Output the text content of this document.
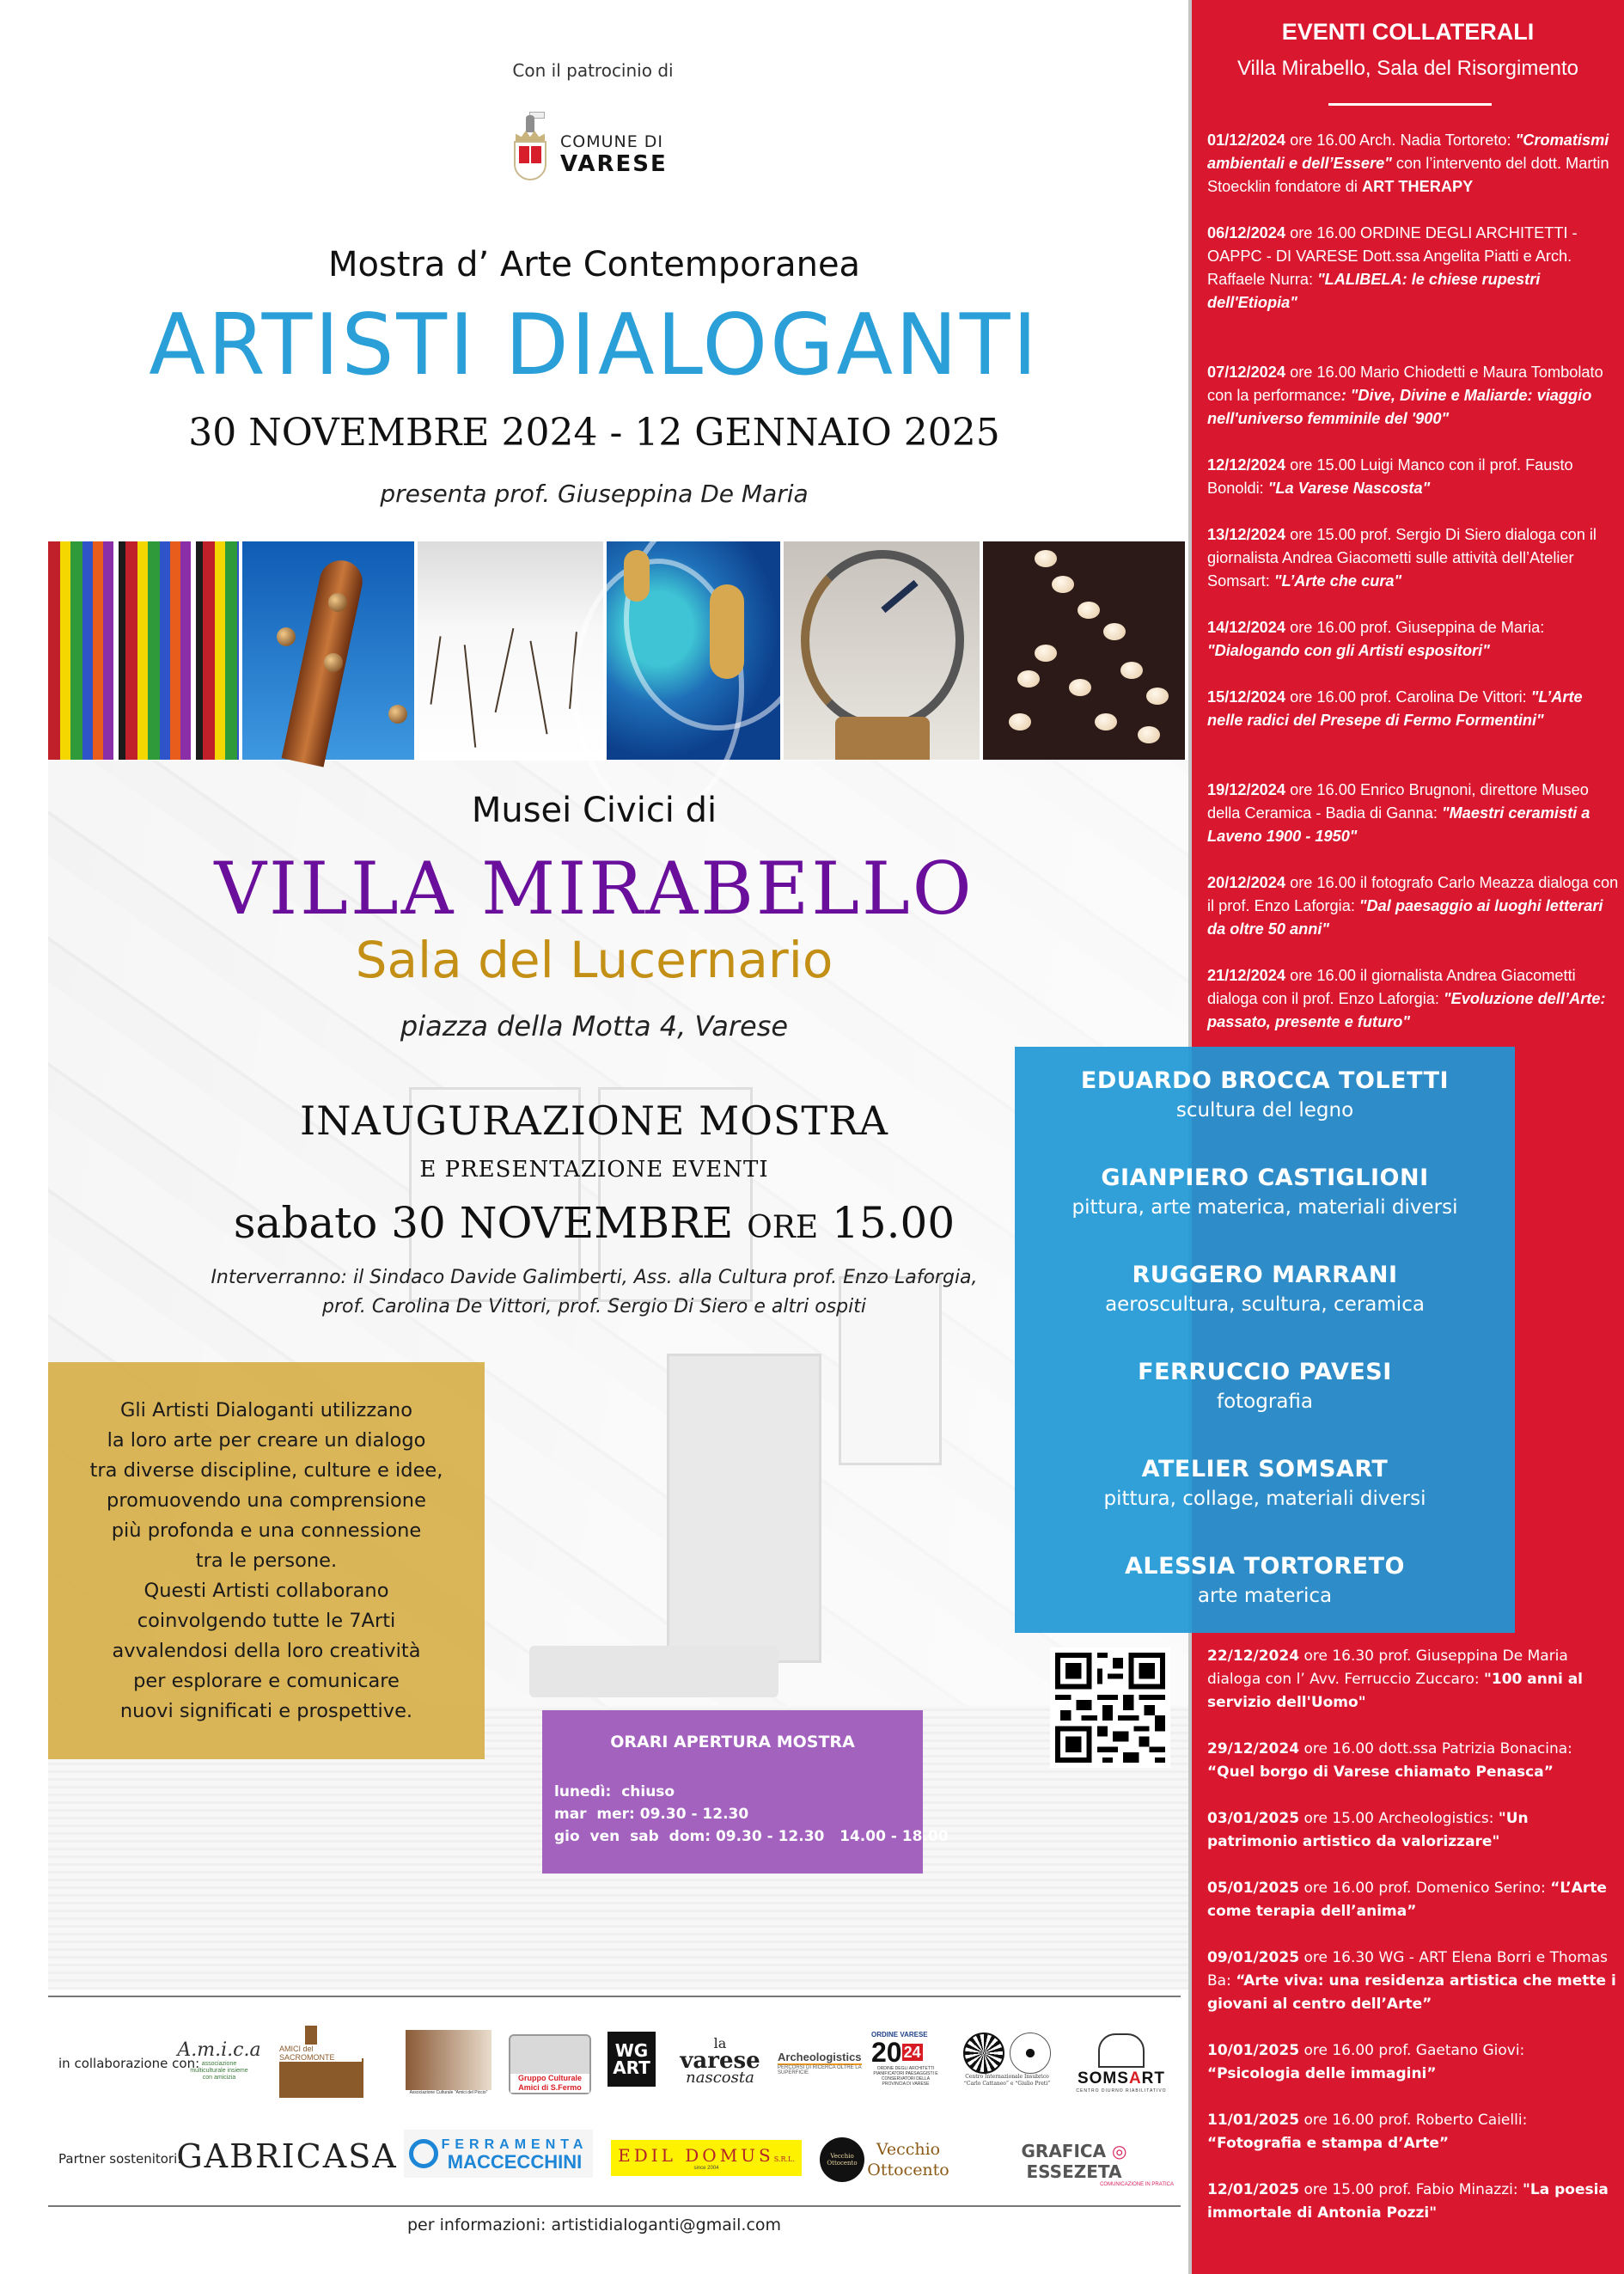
Con il patrocinio di
COMUNE DI
VARESE
Mostra d’ Arte Contemporanea
ARTISTI DIALOGANTI
30 NOVEMBRE 2024 - 12 GENNAIO 2025
presenta prof. Giuseppina De Maria
Musei Civici di
VILLA MIRABELLO
Sala del Lucernario
piazza della Motta 4, Varese
INAUGURAZIONE MOSTRA
E PRESENTAZIONE EVENTI
sabato 30 NOVEMBRE ORE 15.00
Interverranno: il Sindaco Davide Galimberti, Ass. alla Cultura prof. Enzo Laforgia,
prof. Carolina De Vittori, prof. Sergio Di Siero e altri ospiti

Gli Artisti Dialoganti utilizzano
la loro arte per creare un dialogo
tra diverse discipline, culture e idee,
promuovendo una comprensione
più profonda e una connessione
tra le persone.
Questi Artisti collaborano
coinvolgendo tutte le 7Arti
avvalendosi della loro creatività
per esplorare e comunicare
nuovi significati e prospettive.

ORARI APERTURA MOSTRA
lunedì:  chiuso
mar  mer: 09.30 - 12.30
gio  ven  sab  dom: 09.30 - 12.30   14.00 - 18.00
in collaborazione con:
A.m.i.c.a
associazione multiculturale insieme con amicizia
AMICI del SACROMONTE
Associazione Culturale "Amici del Piccio"
Gruppo Culturale Amici di S.Fermo
WG
ART
la
varese
nascosta
Archeologistics
PERCORSI DI RICERCA OLTRE LA SUPERFICIE
ORDINE VARESE
20 $^{24}$
ORDINE DEGLI ARCHITETTI PIANIFICATORI PAESAGGISTI E CONSERVATORI DELLA PROVINCIA DI VARESE
Centro Internazionale Insubrico
“Carlo Cattaneo” e “Giulio Preti” SOMSART
CENTRO DIURNO RIABILITATIVO
Partner sostenitori:
GABRICASA	FERRAMENTA
MACCECCHINI	EDIL DOMUSS.R.L.
since 2004
Vecchio Ottocento
Vecchio
Ottocento
GRAFICA ◎ ESSEZETA
COMUNICAZIONE IN PRATICA
per informazioni: artistidialoganti@gmail.com
EVENTI COLLATERALI
Villa Mirabello, Sala del Risorgimento
01/12/2024 ore 16.00 Arch. Nadia Tortoreto: "Cromatismi ambientali e dell’Essere" con l’intervento del dott. Martin Stoecklin fondatore di ART THERAPY
06/12/2024 ore 16.00 ORDINE DEGLI ARCHITETTI - OAPPC - DI VARESE Dott.ssa Angelita Piatti e Arch. Raffaele Nurra: "LALIBELA: le chiese rupestri dell'Etiopia"
07/12/2024 ore 16.00 Mario Chiodetti e Maura Tombolato con la performance: "Dive, Divine e Maliarde: viaggio nell'universo femminile del '900"
12/12/2024 ore 15.00 Luigi Manco con il prof. Fausto Bonoldi: "La Varese Nascosta"
13/12/2024 ore 15.00 prof. Sergio Di Siero dialoga con il giornalista Andrea Giacometti sulle attività dell’Atelier Somsart: "L’Arte che cura"
14/12/2024 ore 16.00 prof. Giuseppina de Maria: "Dialogando con gli Artisti espositori"
15/12/2024 ore 16.00 prof. Carolina De Vittori: "L’Arte nelle radici del Presepe di Fermo Formentini"
19/12/2024 ore 16.00 Enrico Brugnoni, direttore Museo della Ceramica - Badia di Ganna: "Maestri ceramisti a Laveno 1900 - 1950"
20/12/2024 ore 16.00 il fotografo Carlo Meazza dialoga con il prof. Enzo Laforgia: "Dal paesaggio ai luoghi letterari da oltre 50 anni"
21/12/2024 ore 16.00 il giornalista Andrea Giacometti dialoga con il prof. Enzo Laforgia: "Evoluzione dell’Arte: passato, presente e futuro"
22/12/2024 ore 16.30 prof. Giuseppina De Maria dialoga con l’ Avv. Ferruccio Zuccaro: "100 anni al servizio dell'Uomo"
29/12/2024 ore 16.00 dott.ssa Patrizia Bonacina: “Quel borgo di Varese chiamato Penasca”
03/01/2025 ore 15.00 Archeologistics: "Un patrimonio artistico da valorizzare"
05/01/2025 ore 16.00 prof. Domenico Serino: “L’Arte come terapia dell’anima”
09/01/2025 ore 16.30 WG - ART Elena Borri e Thomas Ba: “Arte viva: una residenza artistica che mette i giovani al centro dell’Arte”
10/01/2025 ore 16.00 prof. Gaetano Giovi: “Psicologia delle immagini”
11/01/2025 ore 16.00 prof. Roberto Caielli: “Fotografia e stampa d’Arte”
12/01/2025 ore 15.00 prof. Fabio Minazzi: "La poesia immortale di Antonia Pozzi"
EDUARDO BROCCA TOLETTI
scultura del legno
GIANPIERO CASTIGLIONI
pittura, arte materica, materiali diversi
RUGGERO MARRANI
aeroscultura, scultura, ceramica
FERRUCCIO PAVESI
fotografia
ATELIER SOMSART
pittura, collage, materiali diversi
ALESSIA TORTORETO
arte materica
